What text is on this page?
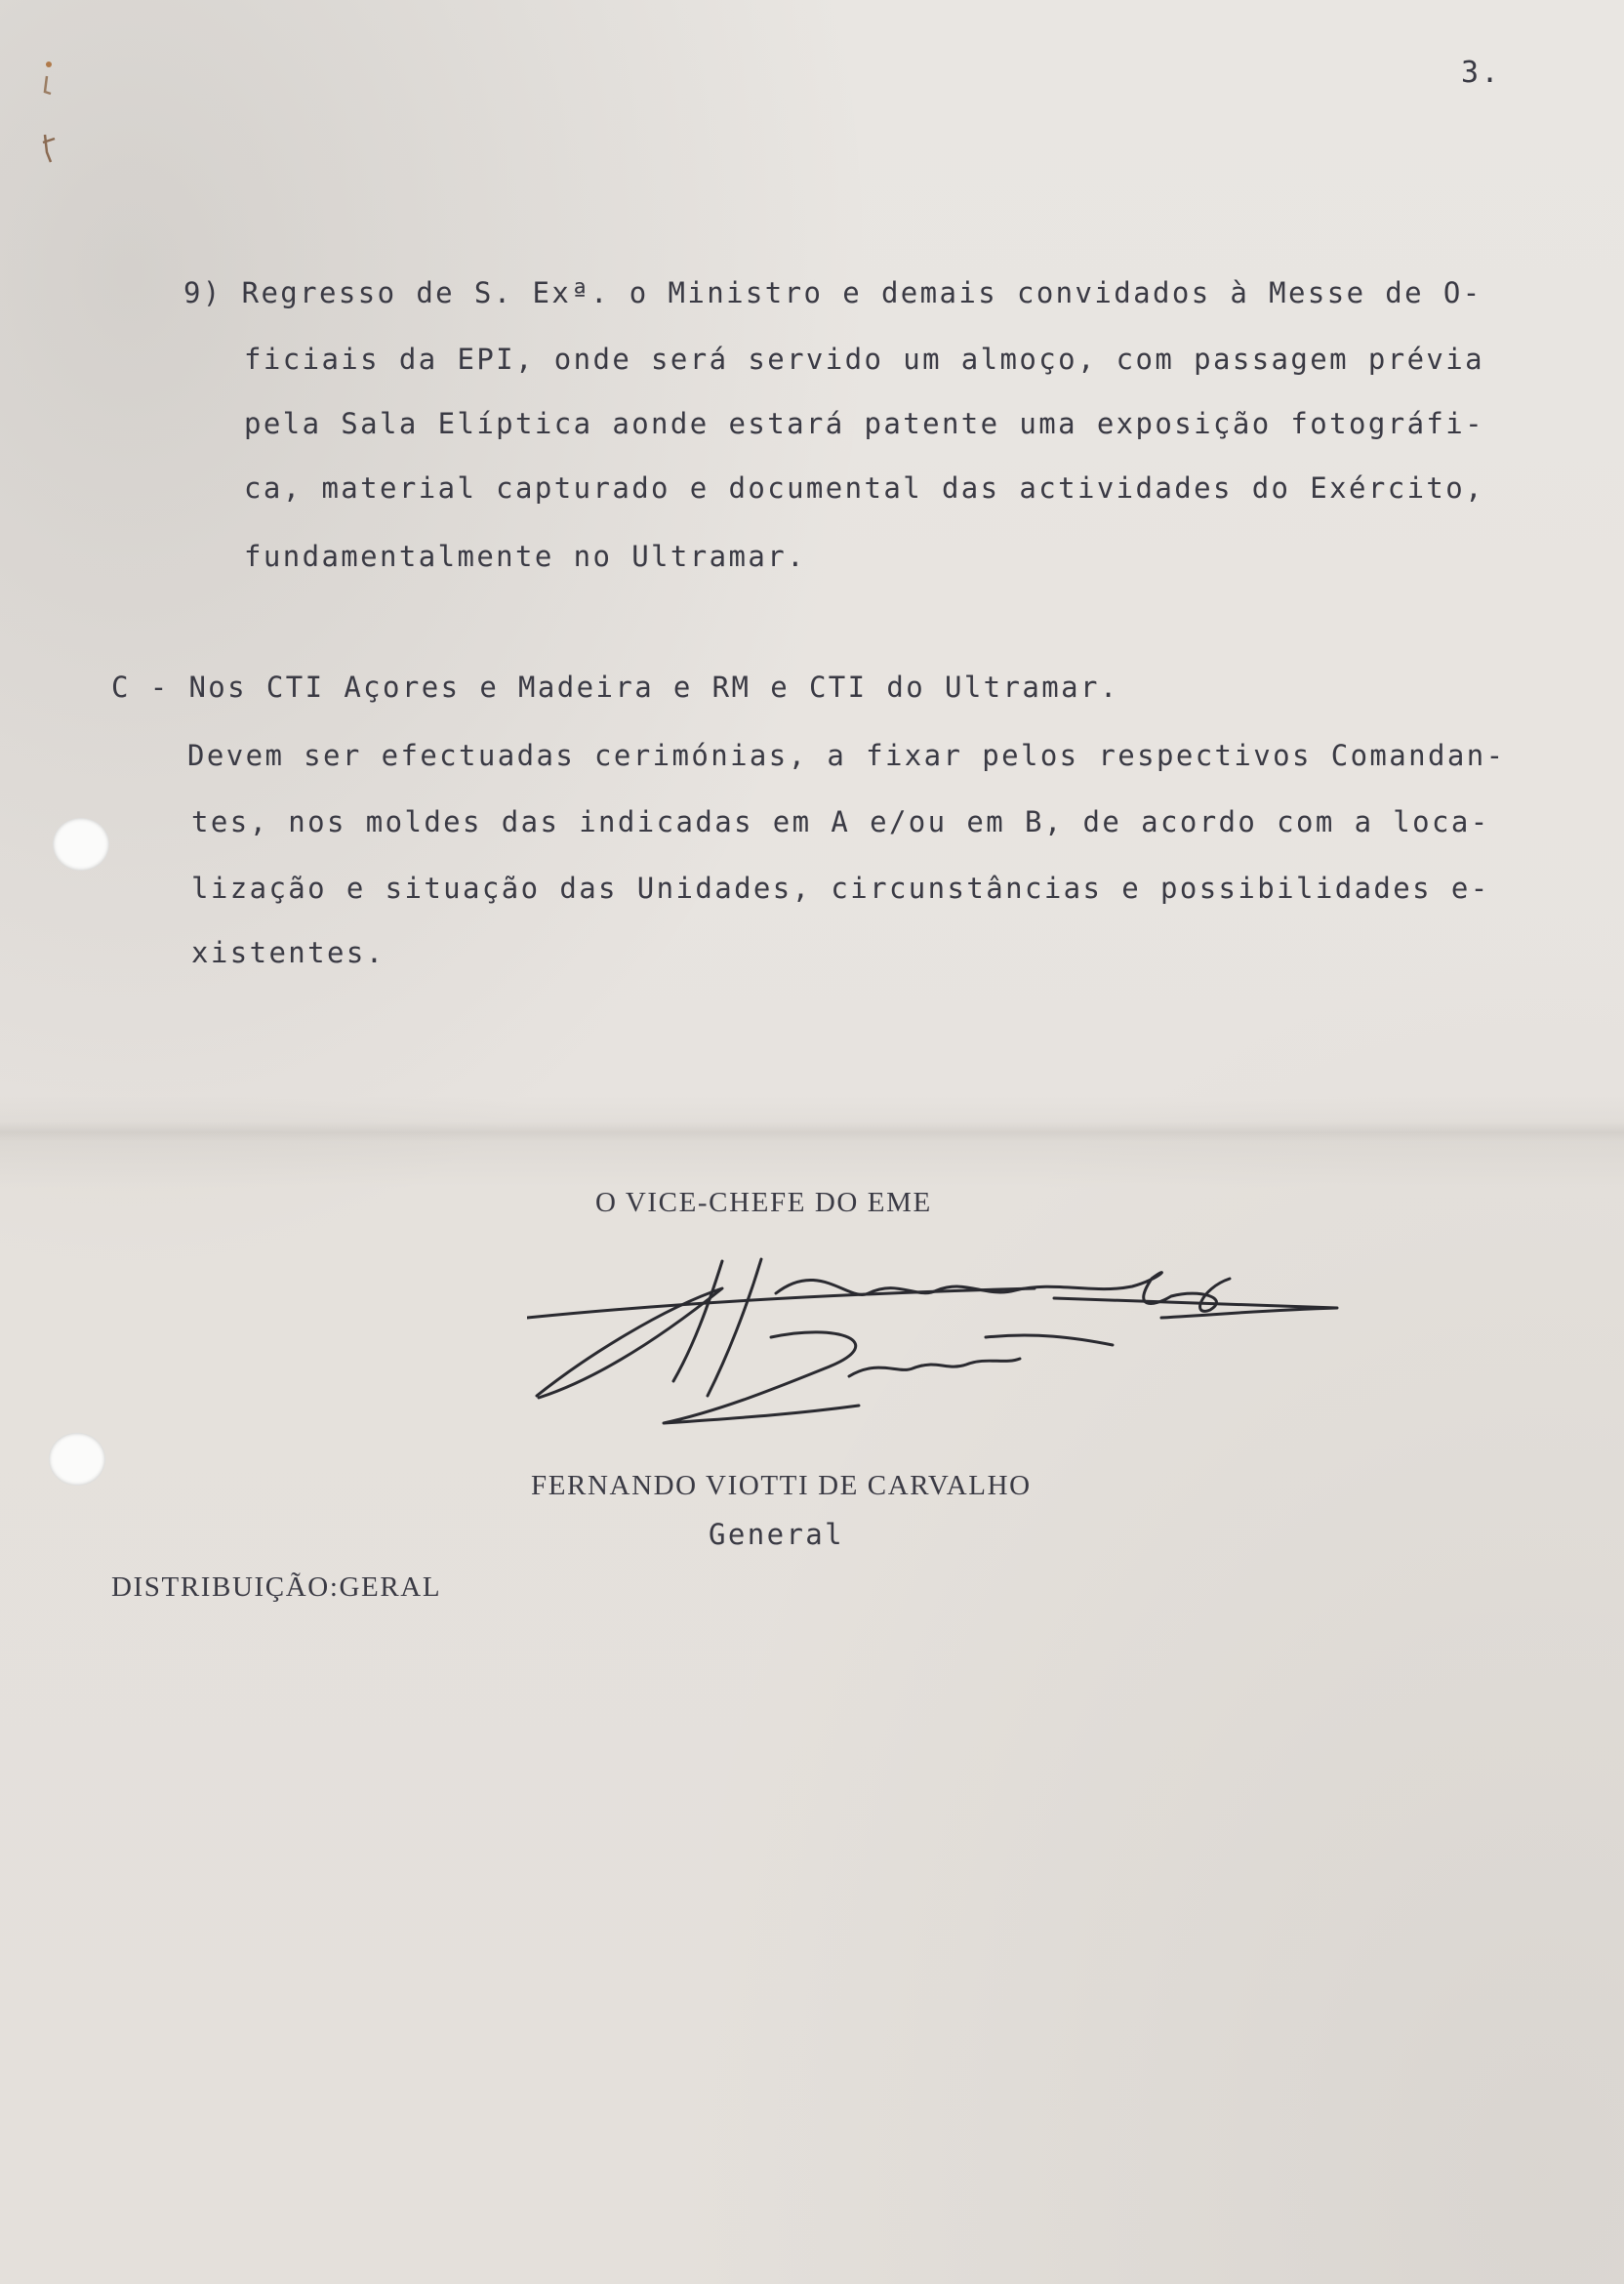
3.
9) Regresso de S. Exª. o Ministro e demais convidados à Messe de O-
ficiais da EPI, onde será servido um almoço, com passagem prévia
pela Sala Elíptica aonde estará patente uma exposição fotográfi-
ca, material capturado e documental das actividades do Exército,
fundamentalmente no Ultramar.
C - Nos CTI Açores e Madeira e RM e CTI do Ultramar.
Devem ser efectuadas cerimónias, a fixar pelos respectivos Comandan-
tes, nos moldes das indicadas em A e/ou em B, de acordo com a loca-
lização e situação das Unidades, circunstâncias e possibilidades e-
xistentes.
O VICE-CHEFE DO EME
FERNANDO VIOTTI DE CARVALHO
General
DISTRIBUIÇÃO:GERAL
